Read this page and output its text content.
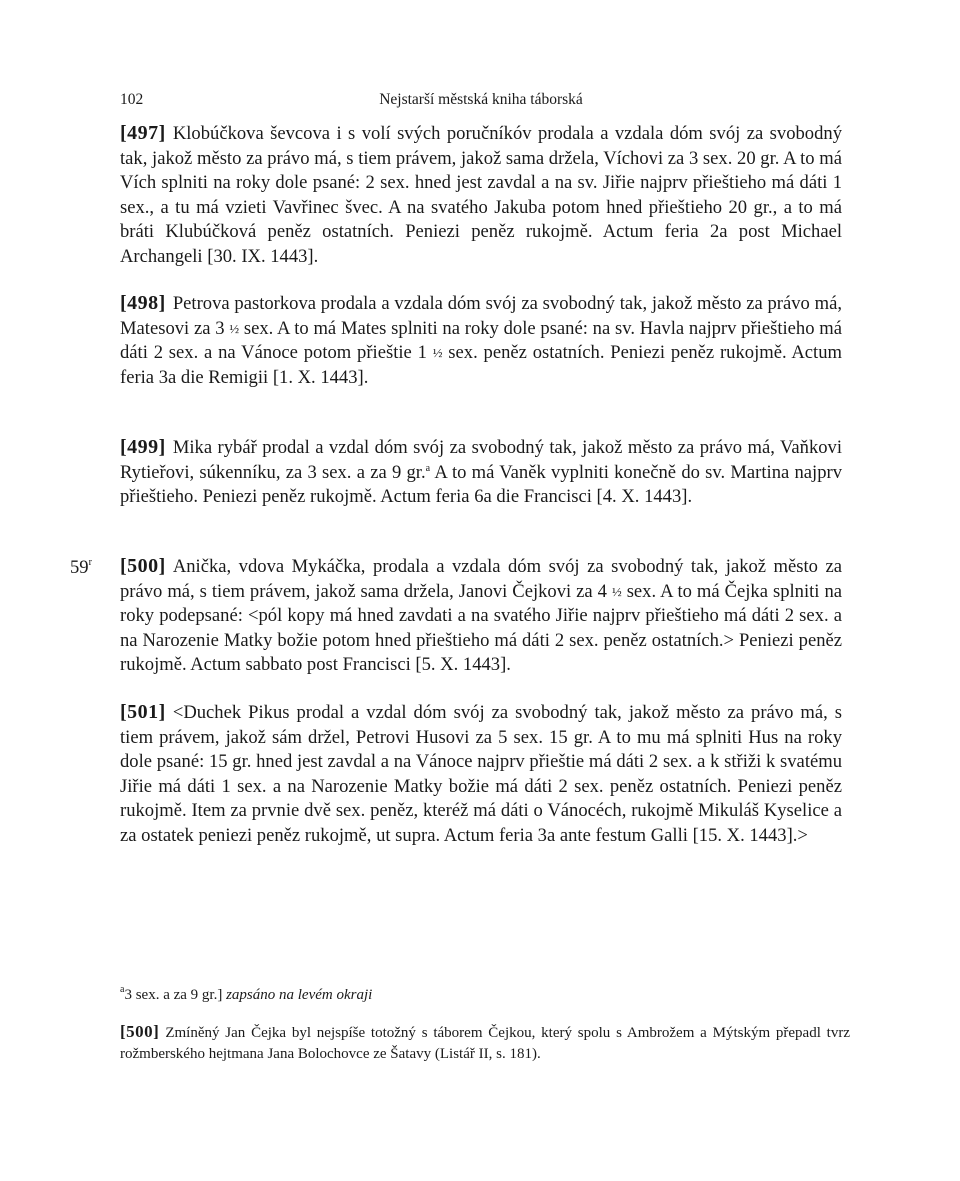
102	Nejstarší městská kniha táborská

[497] Klobúčkova ševcova i s volí svých poručníkóv prodala a vzdala dóm svój za svobodný tak, jakož město za právo má, s tiem právem, jakož sama držela, Víchovi za 3 sex. 20 gr. A to má Vích splniti na roky dole psané: 2 sex. hned jest zavdal a na sv. Jiřie najprv přieštieho má dáti 1 sex., a tu má vzieti Vavřinec švec. A na svatého Jakuba potom hned přieštieho 20 gr., a to má bráti Klubúčková peněz ostatních. Peniezi peněz rukojmě. Actum feria 2a post Michael Archangeli [30. IX. 1443].

[498] Petrova pastorkova prodala a vzdala dóm svój za svobodný tak, jakož město za právo má, Matesovi za 3 ½ sex. A to má Mates splniti na roky dole psané: na sv. Havla najprv přieštieho má dáti 2 sex. a na Vánoce potom přieštie 1 ½ sex. peněz ostatních. Peniezi peněz rukojmě. Actum feria 3a die Remigii [1. X. 1443].

[499] Mika rybář prodal a vzdal dóm svój za svobodný tak, jakož město za právo má, Vaňkovi Rytieřovi, súkenníku, za 3 sex. a za 9 gr.$^a$ A to má Vaněk vyplniti konečně do sv. Martina najprv přieštieho. Peniezi peněz rukojmě. Actum feria 6a die Francisci [4. X. 1443].

59$^r$ [500] Anička, vdova Mykáčka, prodala a vzdala dóm svój za svobodný tak, jakož město za právo má, s tiem právem, jakož sama držela, Janovi Čejkovi za 4 ½ sex. A to má Čejka splniti na roky podepsané: <pól kopy má hned zavdati a na svatého Jiřie najprv přieštieho má dáti 2 sex. a na Narozenie Matky božie potom hned přieštieho má dáti 2 sex. peněz ostatních.> Peniezi peněz rukojmě. Actum sabbato post Francisci [5. X. 1443].

[501] <Duchek Pikus prodal a vzdal dóm svój za svobodný tak, jakož město za právo má, s tiem právem, jakož sám držel, Petrovi Husovi za 5 sex. 15 gr. A to mu má splniti Hus na roky dole psané: 15 gr. hned jest zavdal a na Vánoce najprv přieštie má dáti 2 sex. a k střiži k svatému Jiřie má dáti 1 sex. a na Narozenie Matky božie má dáti 2 sex. peněz ostatních. Peniezi peněz rukojmě. Item za prvnie dvě sex. peněz, kteréž má dáti o Vánocéch, rukojmě Mikuláš Kyselice a za ostatek peniezi peněz rukojmě, ut supra. Actum feria 3a ante festum Galli [15. X. 1443].>

$^a$3 sex. a za 9 gr.] zapsáno na levém okraji

[500] Zmíněný Jan Čejka byl nejspíše totožný s táborem Čejkou, který spolu s Ambrožem a Mýtským přepadl tvrz rožmberského hejtmana Jana Bolochovce ze Šatavy (Listář II, s. 181).
